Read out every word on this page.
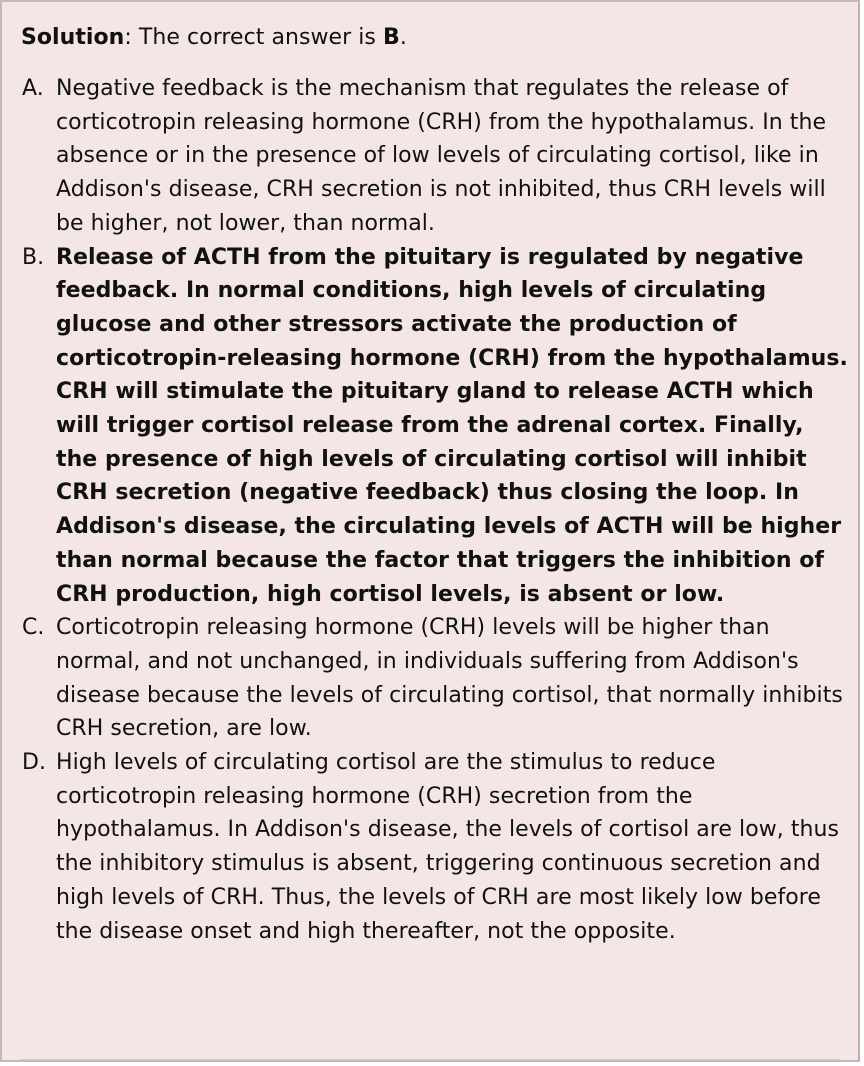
Solution: The correct answer is B.

A. Negative feedback is the mechanism that regulates the release of corticotropin releasing hormone (CRH) from the hypothalamus. In the absence or in the presence of low levels of circulating cortisol, like in Addison's disease, CRH secretion is not inhibited, thus CRH levels will be higher, not lower, than normal.
B. Release of ACTH from the pituitary is regulated by negative feedback. In normal conditions, high levels of circulating glucose and other stressors activate the production of corticotropin-releasing hormone (CRH) from the hypothalamus. CRH will stimulate the pituitary gland to release ACTH which will trigger cortisol release from the adrenal cortex. Finally, the presence of high levels of circulating cortisol will inhibit CRH secretion (negative feedback) thus closing the loop. In Addison's disease, the circulating levels of ACTH will be higher than normal because the factor that triggers the inhibition of CRH production, high cortisol levels, is absent or low.
C. Corticotropin releasing hormone (CRH) levels will be higher than normal, and not unchanged, in individuals suffering from Addison's disease because the levels of circulating cortisol, that normally inhibits CRH secretion, are low.
D. High levels of circulating cortisol are the stimulus to reduce corticotropin releasing hormone (CRH) secretion from the hypothalamus. In Addison's disease, the levels of cortisol are low, thus the inhibitory stimulus is absent, triggering continuous secretion and high levels of CRH. Thus, the levels of CRH are most likely low before the disease onset and high thereafter, not the opposite.
